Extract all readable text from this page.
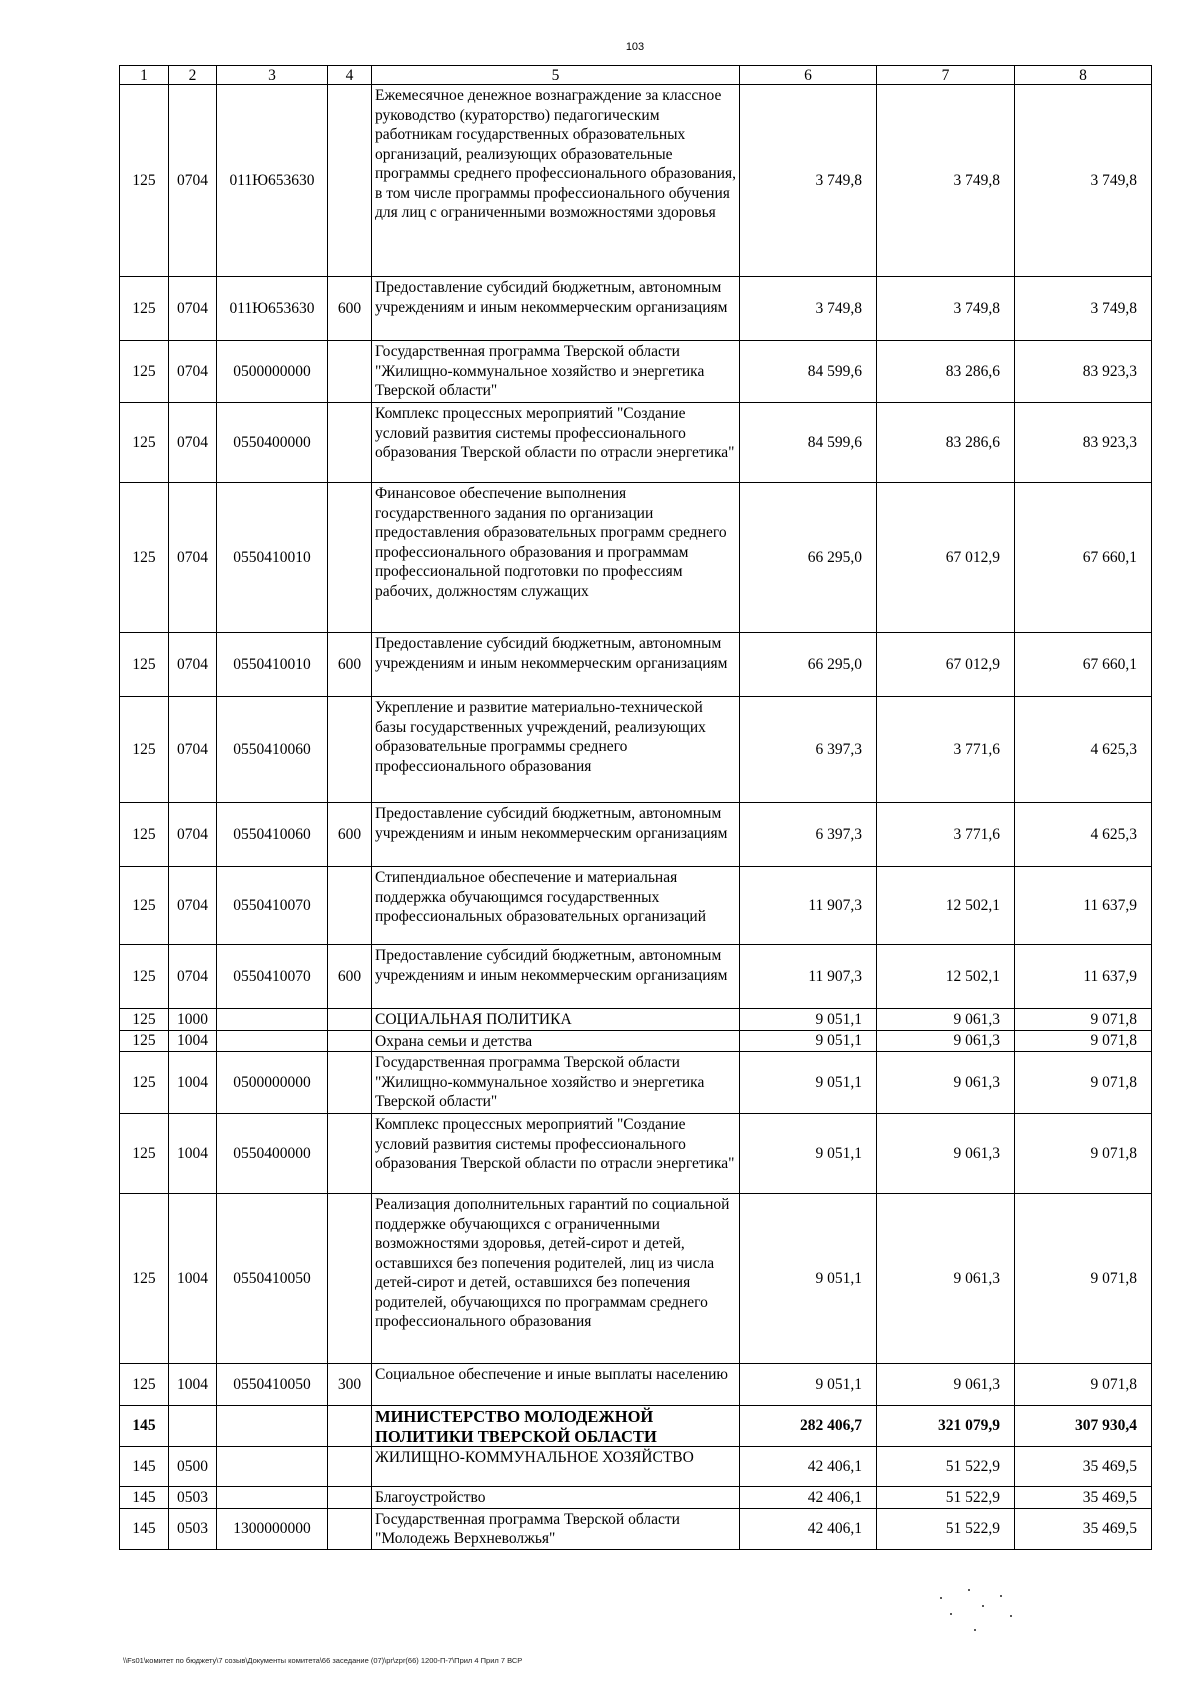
103
1	2	3	4	5	6	7	8
125	0704	011Ю653630		Ежемесячное денежное вознаграждение за классное руководство (кураторство) педагогическим работникам государственных образовательных организаций, реализующих образовательные программы среднего профессионального образования, в том числе программы профессионального обучения для лиц с ограниченными возможностями здоровья	3 749,8	3 749,8	3 749,8
125	0704	011Ю653630	600	Предоставление субсидий бюджетным, автономным учреждениям и иным некоммерческим организациям	3 749,8	3 749,8	3 749,8
125	0704	0500000000		Государственная программа Тверской области "Жилищно-коммунальное хозяйство и энергетика Тверской области"	84 599,6	83 286,6	83 923,3
125	0704	0550400000		Комплекс процессных мероприятий "Создание условий развития системы профессионального образования Тверской области по отрасли энергетика"	84 599,6	83 286,6	83 923,3
125	0704	0550410010		Финансовое обеспечение выполнения государственного задания по организации предоставления образовательных программ среднего профессионального образования и программам профессиональной подготовки по профессиям рабочих, должностям служащих	66 295,0	67 012,9	67 660,1
125	0704	0550410010	600	Предоставление субсидий бюджетным, автономным учреждениям и иным некоммерческим организациям	66 295,0	67 012,9	67 660,1
125	0704	0550410060		Укрепление и развитие материально-технической базы государственных учреждений, реализующих образовательные программы среднего профессионального образования	6 397,3	3 771,6	4 625,3
125	0704	0550410060	600	Предоставление субсидий бюджетным, автономным учреждениям и иным некоммерческим организациям	6 397,3	3 771,6	4 625,3
125	0704	0550410070		Стипендиальное обеспечение и материальная поддержка обучающимся государственных профессиональных образовательных организаций	11 907,3	12 502,1	11 637,9
125	0704	0550410070	600	Предоставление субсидий бюджетным, автономным учреждениям и иным некоммерческим организациям	11 907,3	12 502,1	11 637,9
125	1000			СОЦИАЛЬНАЯ ПОЛИТИКА	9 051,1	9 061,3	9 071,8
125	1004			Охрана семьи и детства	9 051,1	9 061,3	9 071,8
125	1004	0500000000		Государственная программа Тверской области "Жилищно-коммунальное хозяйство и энергетика Тверской области"	9 051,1	9 061,3	9 071,8
125	1004	0550400000		Комплекс процессных мероприятий "Создание условий развития системы профессионального образования Тверской области по отрасли энергетика"	9 051,1	9 061,3	9 071,8
125	1004	0550410050		Реализация дополнительных гарантий по социальной поддержке обучающихся с ограниченными возможностями здоровья, детей-сирот и детей, оставшихся без попечения родителей, лиц из числа детей-сирот и детей, оставшихся без попечения родителей, обучающихся по программам среднего профессионального образования	9 051,1	9 061,3	9 071,8
125	1004	0550410050	300	Социальное обеспечение и иные выплаты населению	9 051,1	9 061,3	9 071,8
145				МИНИСТЕРСТВО МОЛОДЕЖНОЙ ПОЛИТИКИ ТВЕРСКОЙ ОБЛАСТИ	282 406,7	321 079,9	307 930,4
145	0500			ЖИЛИЩНО-КОММУНАЛЬНОЕ ХОЗЯЙСТВО	42 406,1	51 522,9	35 469,5
145	0503			Благоустройство	42 406,1	51 522,9	35 469,5
145	0503	1300000000		Государственная программа Тверской области "Молодежь Верхневолжья"	42 406,1	51 522,9	35 469,5
\\Fs01\комитет по бюджету\7 созыв\Документы комитета\66 заседание (07)\pr\zpr(66) 1200-П-7\Прил 4 Прил 7 ВСР
